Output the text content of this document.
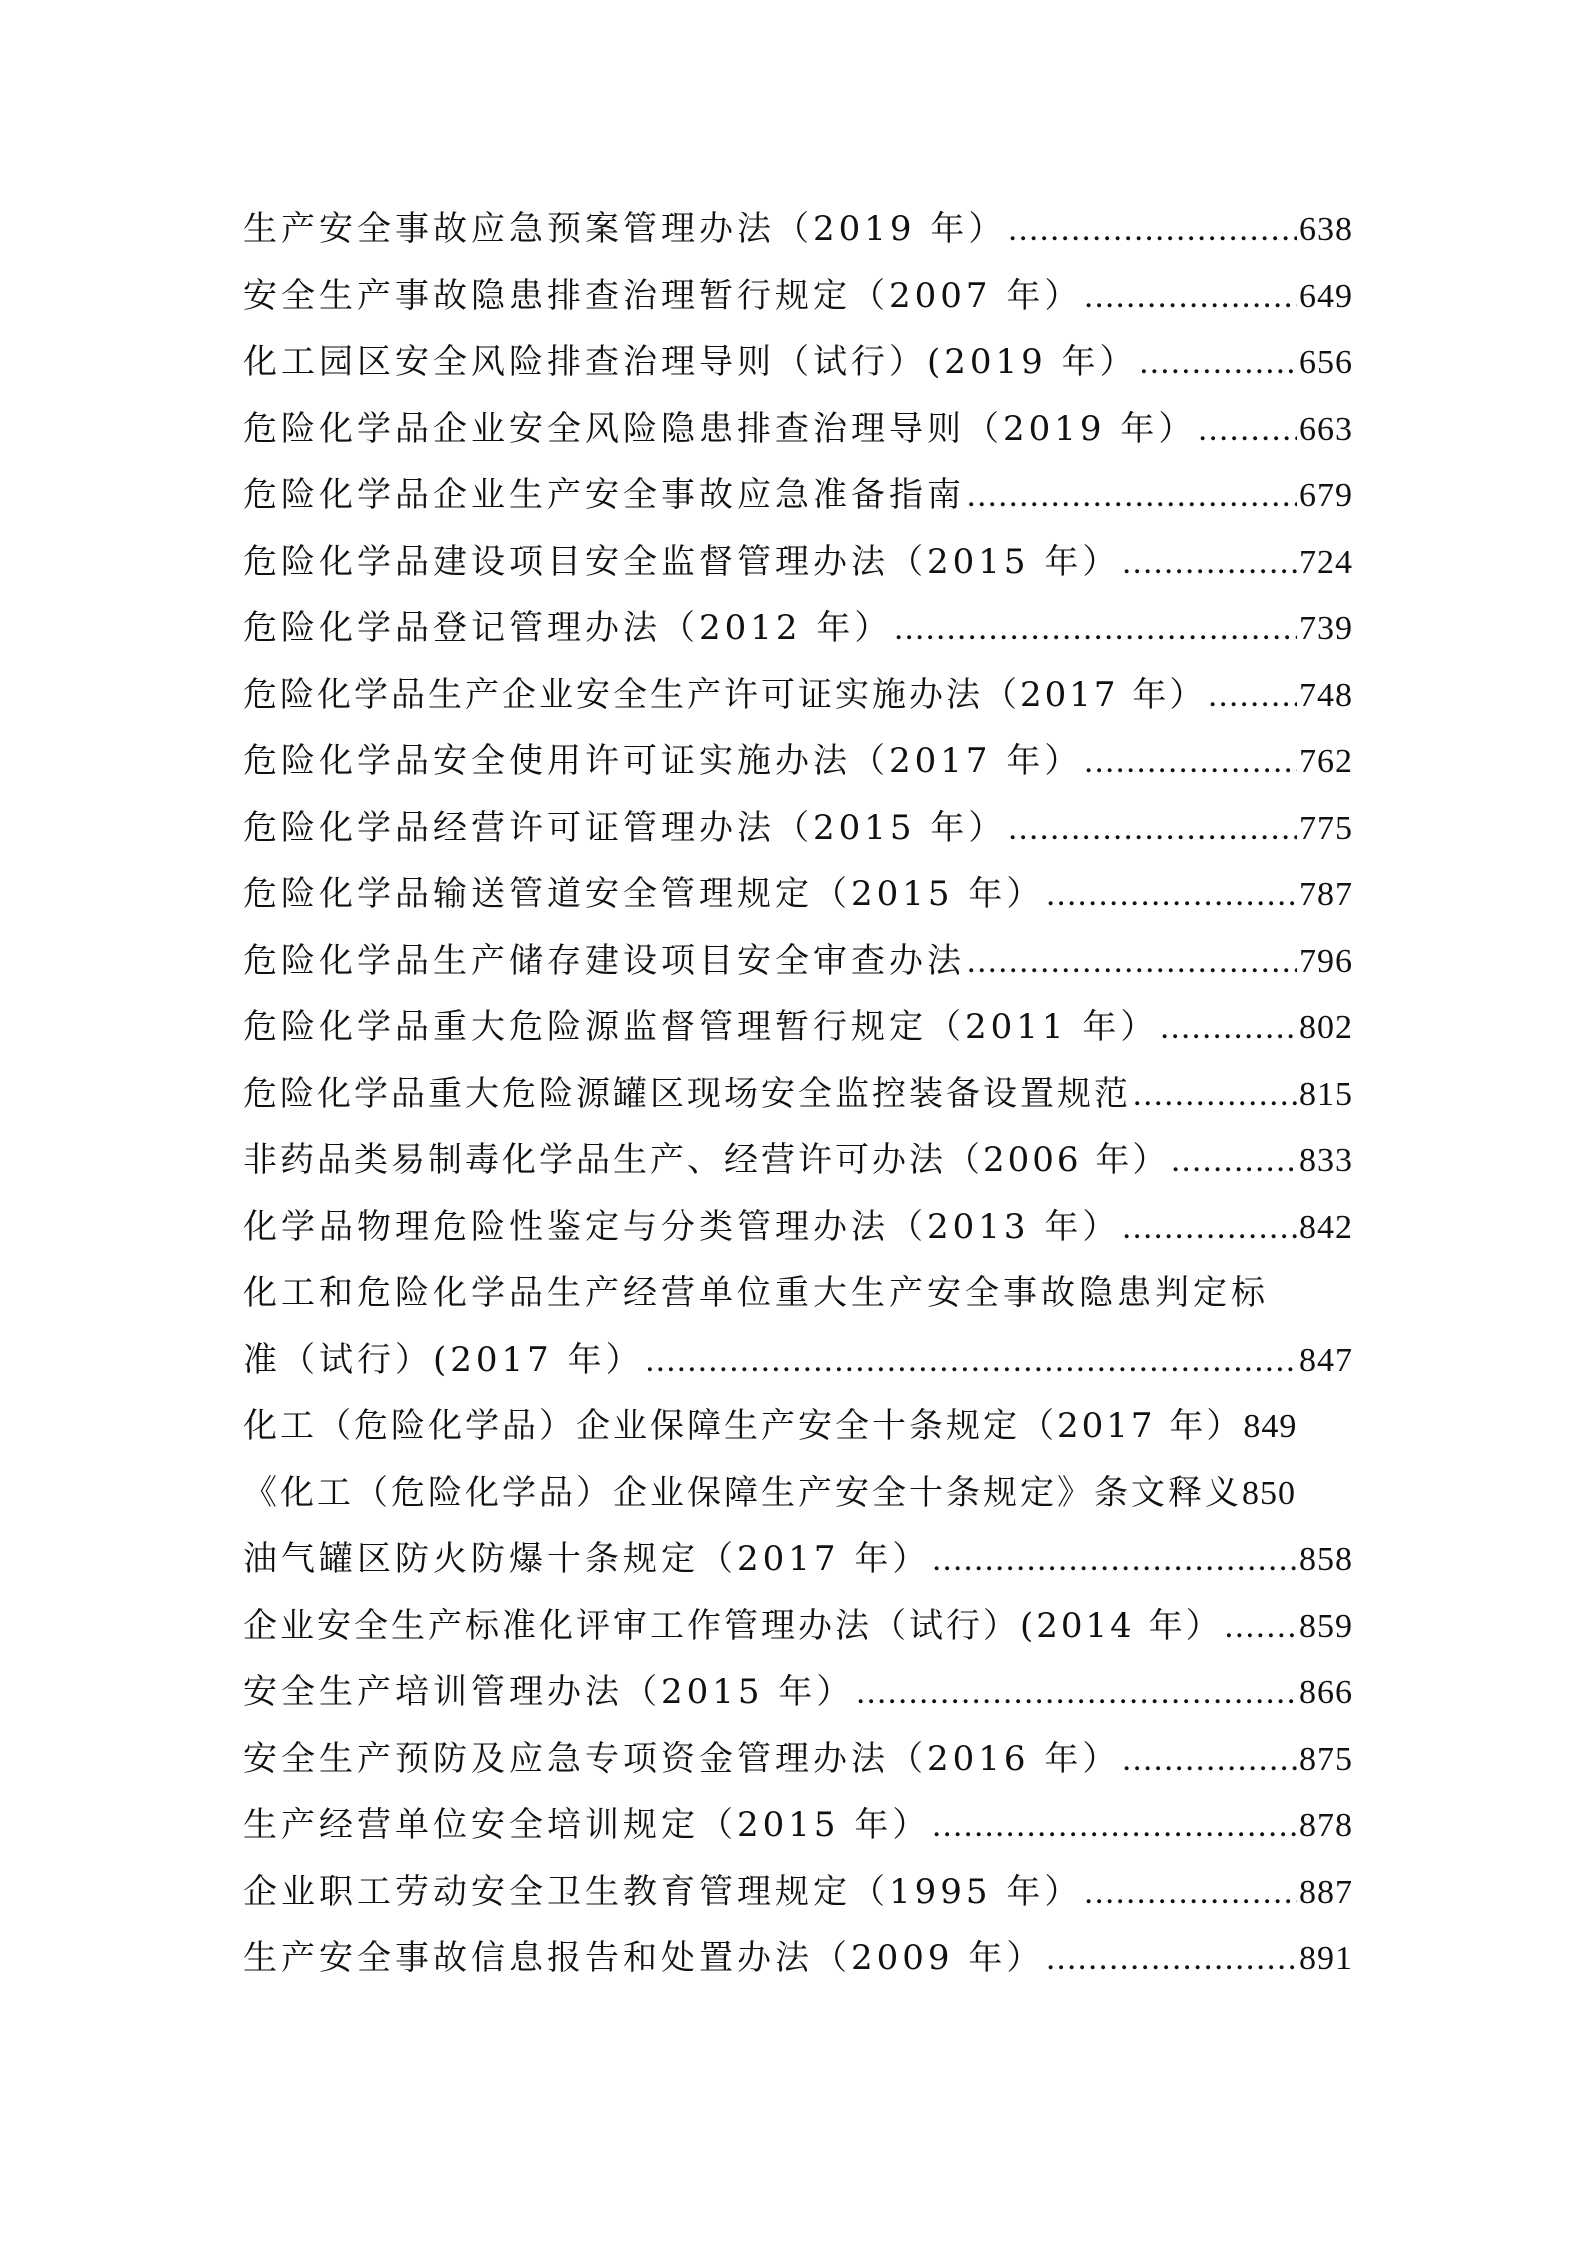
生产安全事故应急预案管理办法（2019 年） .....	638
安全生产事故隐患排查治理暂行规定（2007 年） .....	649
化工园区安全风险排查治理导则（试行）(2019 年） .....	656
危险化学品企业安全风险隐患排查治理导则（2019 年） .....	663
危险化学品企业生产安全事故应急准备指南 .....	679
危险化学品建设项目安全监督管理办法（2015 年） .....	724
危险化学品登记管理办法（2012 年） .....	739
危险化学品生产企业安全生产许可证实施办法（2017 年） .....	748
危险化学品安全使用许可证实施办法（2017 年） .....	762
危险化学品经营许可证管理办法（2015 年） .....	775
危险化学品输送管道安全管理规定（2015 年） .....	787
危险化学品生产储存建设项目安全审查办法 .....	796
危险化学品重大危险源监督管理暂行规定（2011 年） .....	802
危险化学品重大危险源罐区现场安全监控装备设置规范 .....	815
非药品类易制毒化学品生产、经营许可办法（2006 年） .....	833
化学品物理危险性鉴定与分类管理办法（2013 年） .....	842
化工和危险化学品生产经营单位重大生产安全事故隐患判定标
准（试行）(2017 年） .....	847
化工（危险化学品）企业保障生产安全十条规定（2017 年） 849
《化工（危险化学品）企业保障生产安全十条规定》条文释义 850
油气罐区防火防爆十条规定（2017 年） .....	858
企业安全生产标准化评审工作管理办法（试行）(2014 年） ..... 859
安全生产培训管理办法（2015 年） .....	866
安全生产预防及应急专项资金管理办法（2016 年） .....	875
生产经营单位安全培训规定（2015 年） .....	878
企业职工劳动安全卫生教育管理规定（1995 年） .....	887
生产安全事故信息报告和处置办法（2009 年） .....	891
